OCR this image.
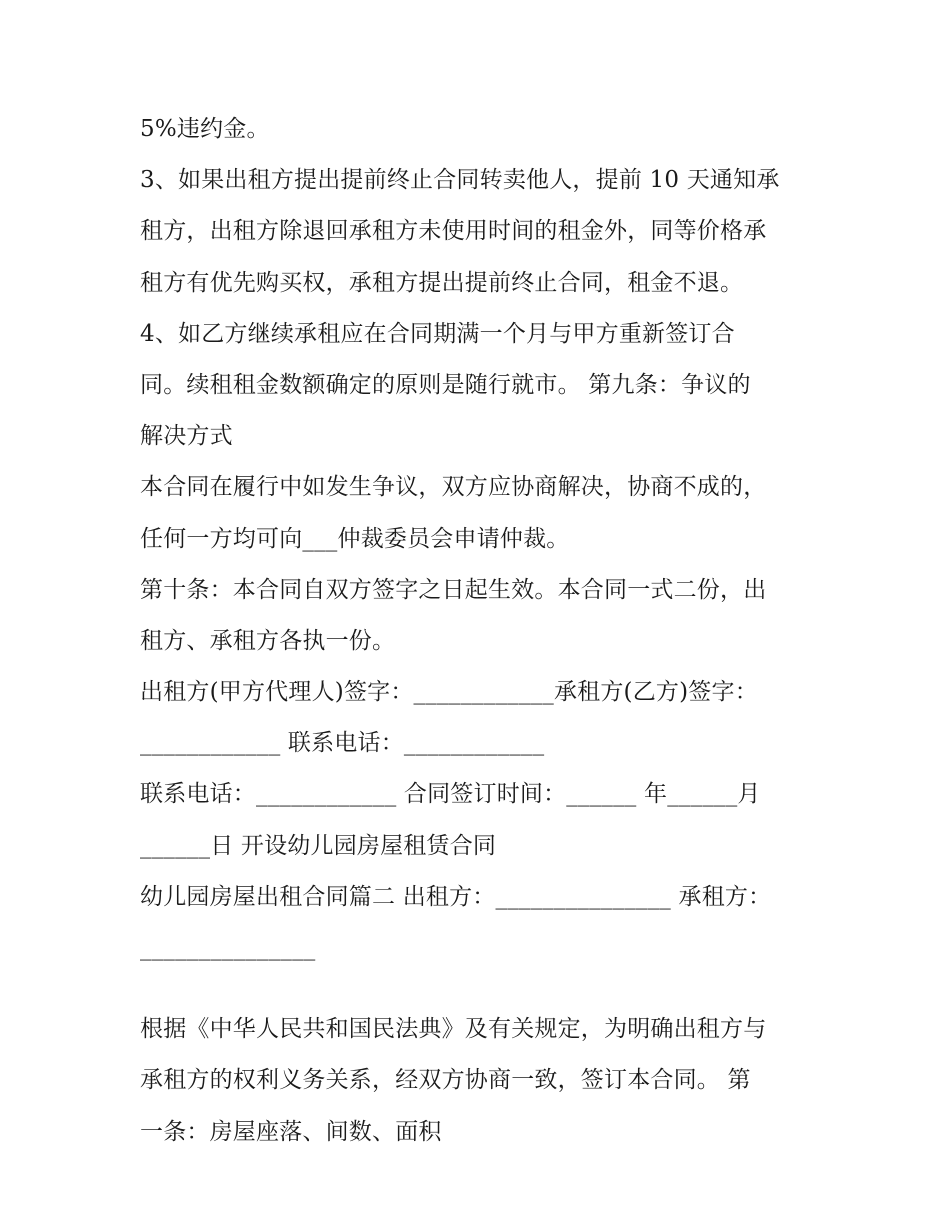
5%违约金。
3、如果出租方提出提前终止合同转卖他人，提前 10 天通知承
租方，出租方除退回承租方未使用时间的租金外，同等价格承
租方有优先购买权，承租方提出提前终止合同，租金不退。
4、如乙方继续承租应在合同期满一个月与甲方重新签订合
同。续租租金数额确定的原则是随行就市。 第九条：争议的
解决方式
本合同在履行中如发生争议，双方应协商解决，协商不成的，
任何一方均可向___仲裁委员会申请仲裁。
第十条：本合同自双方签字之日起生效。本合同一式二份，出
租方、承租方各执一份。
出租方(甲方代理人)签字：____________承租方(乙方)签字：
____________ 联系电话：____________
联系电话：____________ 合同签订时间：______ 年______月
______日 开设幼儿园房屋租赁合同
幼儿园房屋出租合同篇二 出租方：_______________ 承租方：
_______________
根据《中华人民共和国民法典》及有关规定，为明确出租方与
承租方的权利义务关系，经双方协商一致，签订本合同。 第
一条：房屋座落、间数、面积
